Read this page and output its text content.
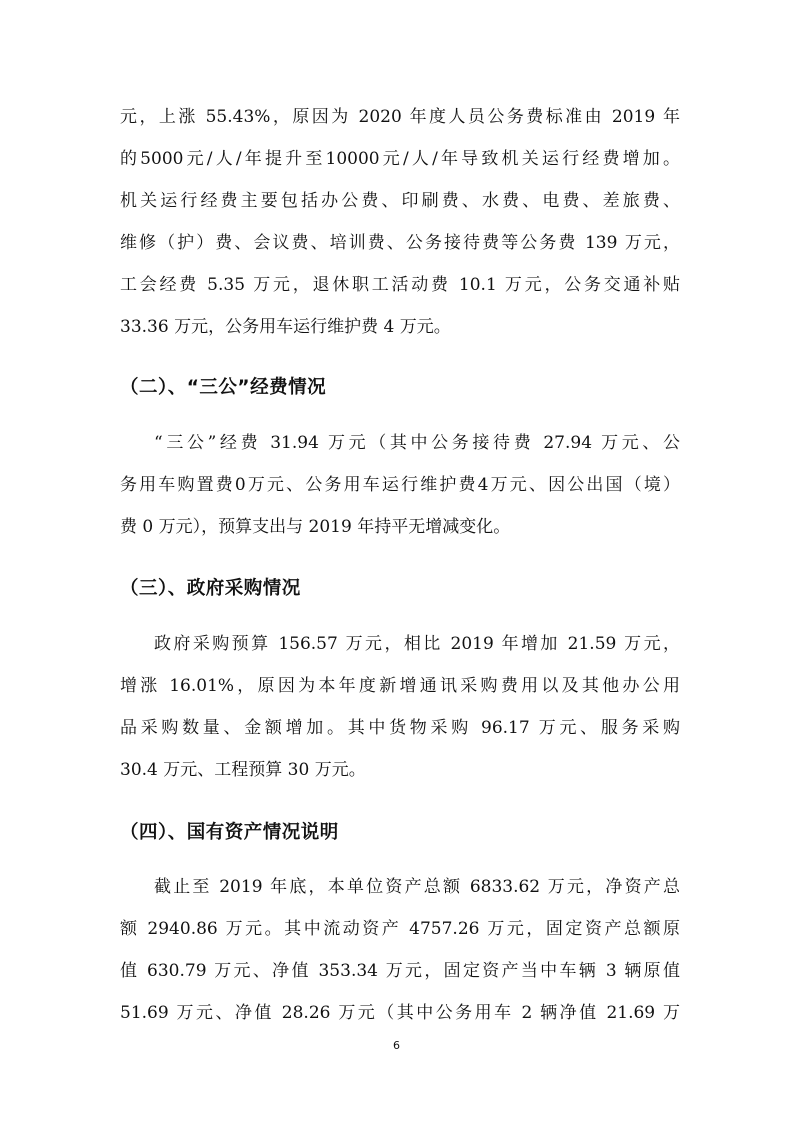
元，上涨 55.43%，原因为 2020 年度人员公务费标准由 2019 年
的5000元/人/年提升至10000元/人/年导致机关运行经费增加。
机关运行经费主要包括办公费、印刷费、水费、电费、差旅费、
维修（护）费、会议费、培训费、公务接待费等公务费 139 万元，
工会经费 5.35 万元，退休职工活动费 10.1 万元，公务交通补贴
33.36 万元，公务用车运行维护费 4 万元。
（二）、“三公”经费情况
“三公”经费 31.94 万元（其中公务接待费 27.94 万元、公
务用车购置费0万元、公务用车运行维护费4万元、因公出国（境）
费 0 万元），预算支出与 2019 年持平无增减变化。
（三）、政府采购情况
政府采购预算 156.57 万元，相比 2019 年增加 21.59 万元，
增涨 16.01%，原因为本年度新增通讯采购费用以及其他办公用
品采购数量、金额增加。其中货物采购 96.17 万元、服务采购
30.4 万元、工程预算 30 万元。
（四）、国有资产情况说明
截止至 2019 年底，本单位资产总额 6833.62 万元，净资产总
额 2940.86 万元。其中流动资产 4757.26 万元，固定资产总额原
值 630.79 万元、净值 353.34 万元，固定资产当中车辆 3 辆原值
51.69 万元、净值 28.26 万元（其中公务用车 2 辆净值 21.69 万
6
